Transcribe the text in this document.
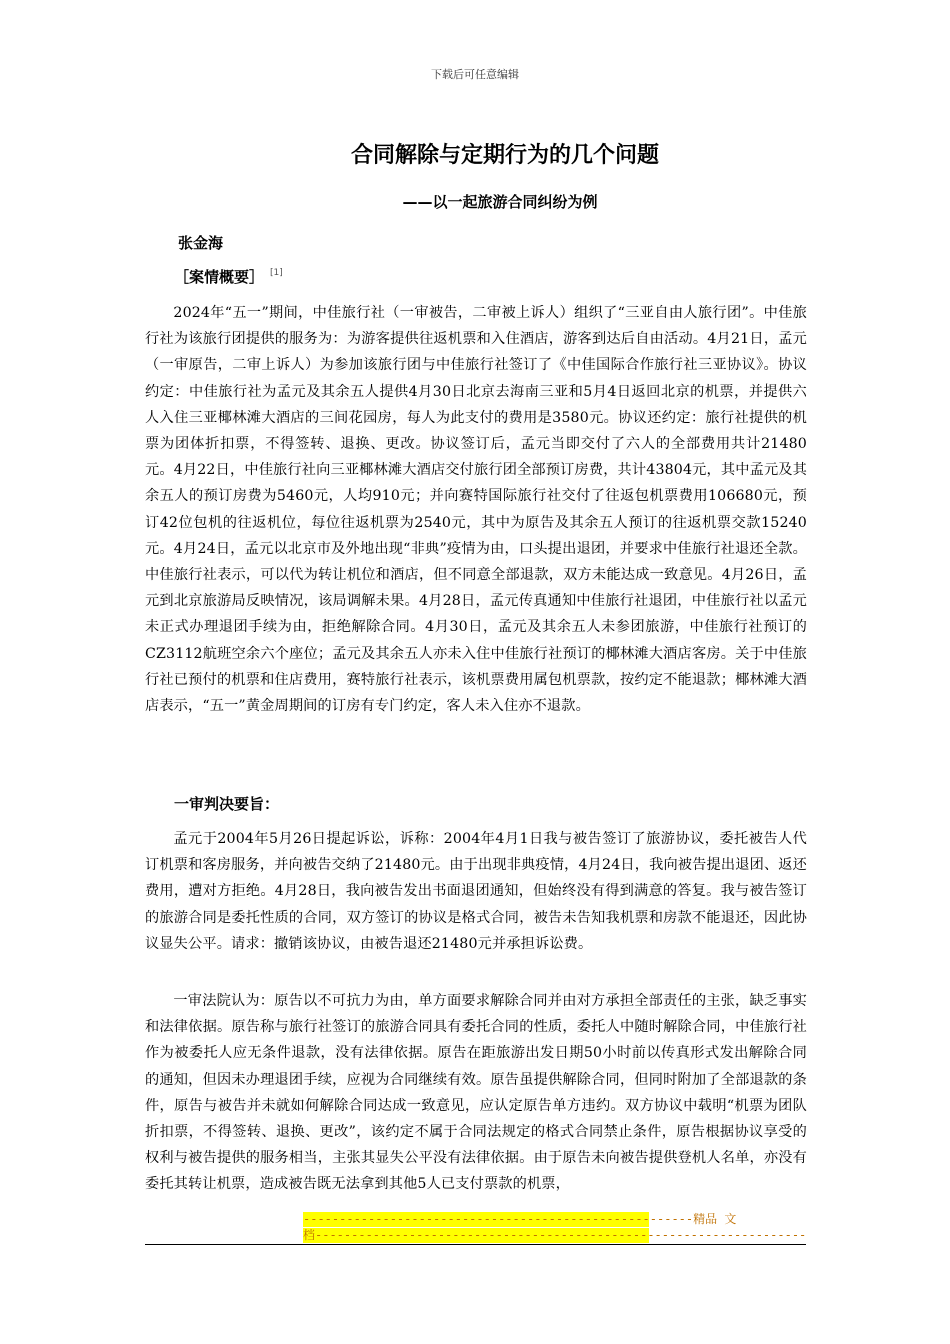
下载后可任意编辑
合同解除与定期行为的几个问题
——以一起旅游合同纠纷为例
张金海
［案情概要］ [1]
2024年“五一”期间，中佳旅行社（一审被告，二审被上诉人）组织了“三亚自由人旅行团”。中佳旅行社为该旅行团提供的服务为：为游客提供往返机票和入住酒店，游客到达后自由活动。4月21日，孟元（一审原告，二审上诉人）为参加该旅行团与中佳旅行社签订了《中佳国际合作旅行社三亚协议》。协议约定：中佳旅行社为孟元及其余五人提供4月30日北京去海南三亚和5月4日返回北京的机票，并提供六人入住三亚椰林滩大酒店的三间花园房，每人为此支付的费用是3580元。协议还约定：旅行社提供的机票为团体折扣票，不得签转、退换、更改。协议签订后，孟元当即交付了六人的全部费用共计21480元。4月22日，中佳旅行社向三亚椰林滩大酒店交付旅行团全部预订房费，共计43804元，其中孟元及其余五人的预订房费为5460元，人均910元；并向赛特国际旅行社交付了往返包机票费用106680元，预订42位包机的往返机位，每位往返机票为2540元，其中为原告及其余五人预订的往返机票交款15240元。4月24日，孟元以北京市及外地出现“非典”疫情为由，口头提出退团，并要求中佳旅行社退还全款。中佳旅行社表示，可以代为转让机位和酒店，但不同意全部退款，双方未能达成一致意见。4月26日，孟元到北京旅游局反映情况，该局调解未果。4月28日，孟元传真通知中佳旅行社退团，中佳旅行社以孟元未正式办理退团手续为由，拒绝解除合同。4月30日，孟元及其余五人未参团旅游，中佳旅行社预订的CZ3112航班空余六个座位；孟元及其余五人亦未入住中佳旅行社预订的椰林滩大酒店客房。关于中佳旅行社已预付的机票和住店费用，赛特旅行社表示，该机票费用属包机票款，按约定不能退款；椰林滩大酒店表示，“五一”黄金周期间的订房有专门约定，客人未入住亦不退款。
一审判决要旨：
孟元于2004年5月26日提起诉讼，诉称：2004年4月1日我与被告签订了旅游协议，委托被告人代订机票和客房服务，并向被告交纳了21480元。由于出现非典疫情，4月24日，我向被告提出退团、返还费用，遭对方拒绝。4月28日，我向被告发出书面退团通知，但始终没有得到满意的答复。我与被告签订的旅游合同是委托性质的合同，双方签订的协议是格式合同，被告未告知我机票和房款不能退还，因此协议显失公平。请求：撤销该协议，由被告退还21480元并承担诉讼费。
一审法院认为：原告以不可抗力为由，单方面要求解除合同并由对方承担全部责任的主张，缺乏事实和法律依据。原告称与旅行社签订的旅游合同具有委托合同的性质，委托人中随时解除合同，中佳旅行社作为被委托人应无条件退款，没有法律依据。原告在距旅游出发日期50小时前以传真形式发出解除合同的通知，但因未办理退团手续，应视为合同继续有效。原告虽提供解除合同，但同时附加了全部退款的条件，原告与被告并未就如何解除合同达成一致意见，应认定原告单方违约。双方协议中载明“机票为团队折扣票，不得签转、退换、更改”，该约定不属于合同法规定的格式合同禁止条件，原告根据协议享受的权利与被告提供的服务相当，主张其显失公平没有法律依据。由于原告未向被告提供登机人名单，亦没有委托其转让机票，造成被告既无法拿到其他5人已支付票款的机票，
------------------------------------------------------精品 文
档--------------------------------------------------------------------
